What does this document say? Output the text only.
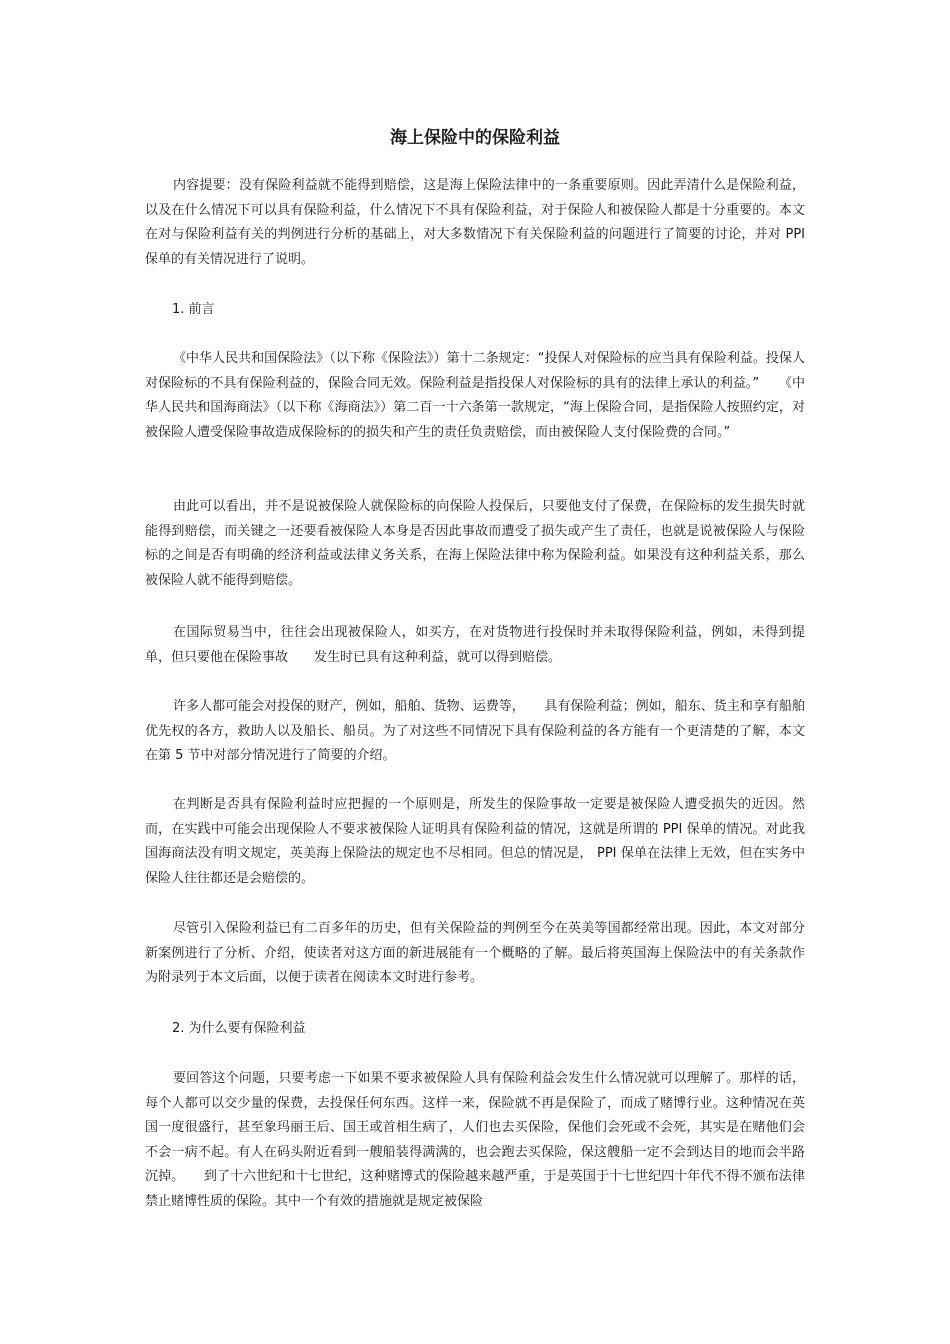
海上保险中的保险利益

内容提要：没有保险利益就不能得到赔偿，这是海上保险法律中的一条重要原则。因此弄清什么是保险利益，以及在什么情况下可以具有保险利益，什么情况下不具有保险利益，对于保险人和被保险人都是十分重要的。本文在对与保险利益有关的判例进行分析的基础上，对大多数情况下有关保险利益的问题进行了简要的讨论，并对 PPI 保单的有关情况进行了说明。

1. 前言

《中华人民共和国保险法》（以下称《保险法》）第十二条规定：“投保人对保险标的应当具有保险利益。投保人对保险标的不具有保险利益的，保险合同无效。保险利益是指投保人对保险标的具有的法律上承认的利益。”　　《中华人民共和国海商法》（以下称《海商法》）第二百一十六条第一款规定，“海上保险合同，是指保险人按照约定，对被保险人遭受保险事故造成保险标的的损失和产生的责任负责赔偿，而由被保险人支付保险费的合同。”

由此可以看出，并不是说被保险人就保险标的向保险人投保后，只要他支付了保费，在保险标的发生损失时就能得到赔偿，而关键之一还要看被保险人本身是否因此事故而遭受了损失或产生了责任，也就是说被保险人与保险标的之间是否有明确的经济利益或法律义务关系，在海上保险法律中称为保险利益。如果没有这种利益关系，那么被保险人就不能得到赔偿。

在国际贸易当中，往往会出现被保险人，如买方，在对货物进行投保时并未取得保险利益，例如，未得到提单，但只要他在保险事故　　发生时已具有这种利益，就可以得到赔偿。

许多人都可能会对投保的财产，例如，船舶、货物、运费等，　　具有保险利益；例如，船东、货主和享有船舶优先权的各方，救助人以及船长、船员。为了对这些不同情况下具有保险利益的各方能有一个更清楚的了解，本文在第 5 节中对部分情况进行了简要的介绍。

在判断是否具有保险利益时应把握的一个原则是，所发生的保险事故一定要是被保险人遭受损失的近因。然而，在实践中可能会出现保险人不要求被保险人证明具有保险利益的情况，这就是所谓的 PPI 保单的情况。对此我国海商法没有明文规定，英美海上保险法的规定也不尽相同。但总的情况是， PPI 保单在法律上无效，但在实务中保险人往往都还是会赔偿的。

尽管引入保险利益已有二百多年的历史，但有关保险益的判例至今在英美等国都经常出现。因此，本文对部分新案例进行了分析、介绍，使读者对这方面的新进展能有一个概略的了解。最后将英国海上保险法中的有关条款作为附录列于本文后面，以便于读者在阅读本文时进行参考。

2. 为什么要有保险利益

要回答这个问题，只要考虑一下如果不要求被保险人具有保险利益会发生什么情况就可以理解了。那样的话，每个人都可以交少量的保费，去投保任何东西。这样一来，保险就不再是保险了，而成了赌博行业。这种情况在英国一度很盛行，甚至象玛丽王后、国王或首相生病了，人们也去买保险，保他们会死或不会死，其实是在赌他们会不会一病不起。有人在码头附近看到一艘船装得满满的，也会跑去买保险，保这艘船一定不会到达目的地而会半路沉掉。　　到了十六世纪和十七世纪，这种赌博式的保险越来越严重，于是英国于十七世纪四十年代不得不颁布法律禁止赌博性质的保险。其中一个有效的措施就是规定被保险
